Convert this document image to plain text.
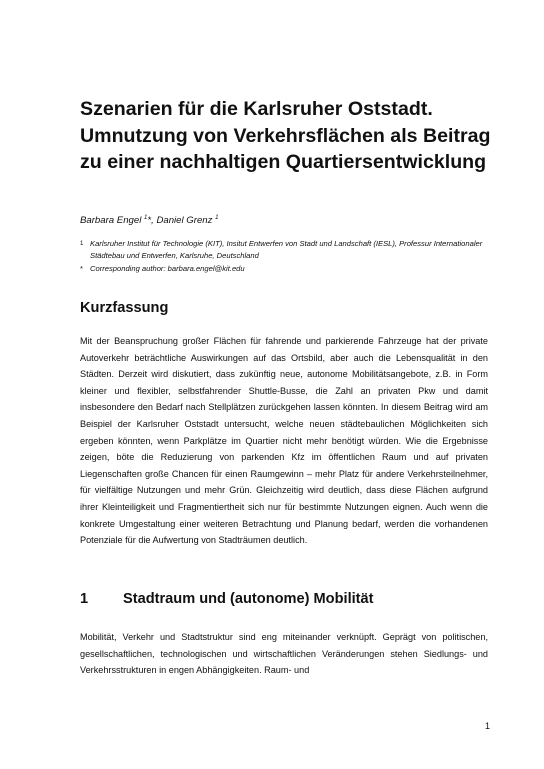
Szenarien für die Karlsruher Oststadt. Umnutzung von Verkehrsflächen als Beitrag zu einer nachhaltigen Quartiersentwicklung
Barbara Engel $^1$*, Daniel Grenz $^1$
1 Karlsruher Institut für Technologie (KIT), Insitut Entwerfen von Stadt und Landschaft (IESL), Professur Internationaler Städtebau und Entwerfen, Karlsruhe, Deutschland
* Corresponding author: barbara.engel@kit.edu
Kurzfassung

Mit der Beanspruchung großer Flächen für fahrende und parkierende Fahrzeuge hat der private Autoverkehr beträchtliche Auswirkungen auf das Ortsbild, aber auch die Lebensqualität in den Städten. Derzeit wird diskutiert, dass zukünftig neue, autonome Mobilitätsangebote, z.B. in Form kleiner und flexibler, selbstfahrender Shuttle-Busse, die Zahl an privaten Pkw und damit insbesondere den Bedarf nach Stellplätzen zurückgehen lassen könnten. In diesem Beitrag wird am Beispiel der Karlsruher Oststadt untersucht, welche neuen städtebaulichen Möglichkeiten sich ergeben könnten, wenn Parkplätze im Quartier nicht mehr benötigt würden. Wie die Ergebnisse zeigen, böte die Reduzierung von parkenden Kfz im öffentlichen Raum und auf privaten Liegenschaften große Chancen für einen Raumgewinn – mehr Platz für andere Verkehrsteilnehmer, für vielfältige Nutzungen und mehr Grün. Gleichzeitig wird deutlich, dass diese Flächen aufgrund ihrer Kleinteiligkeit und Fragmentiertheit sich nur für bestimmte Nutzungen eignen. Auch wenn die konkrete Umgestaltung einer weiteren Betrachtung und Planung bedarf, werden die vorhandenen Potenziale für die Aufwertung von Stadträumen deutlich.

1	Stadtraum und (autonome) Mobilität

Mobilität, Verkehr und Stadtstruktur sind eng miteinander verknüpft. Geprägt von politischen, gesellschaftlichen, technologischen und wirtschaftlichen Veränderungen stehen Siedlungs- und Verkehrsstrukturen in engen Abhängigkeiten. Raum- und

1
